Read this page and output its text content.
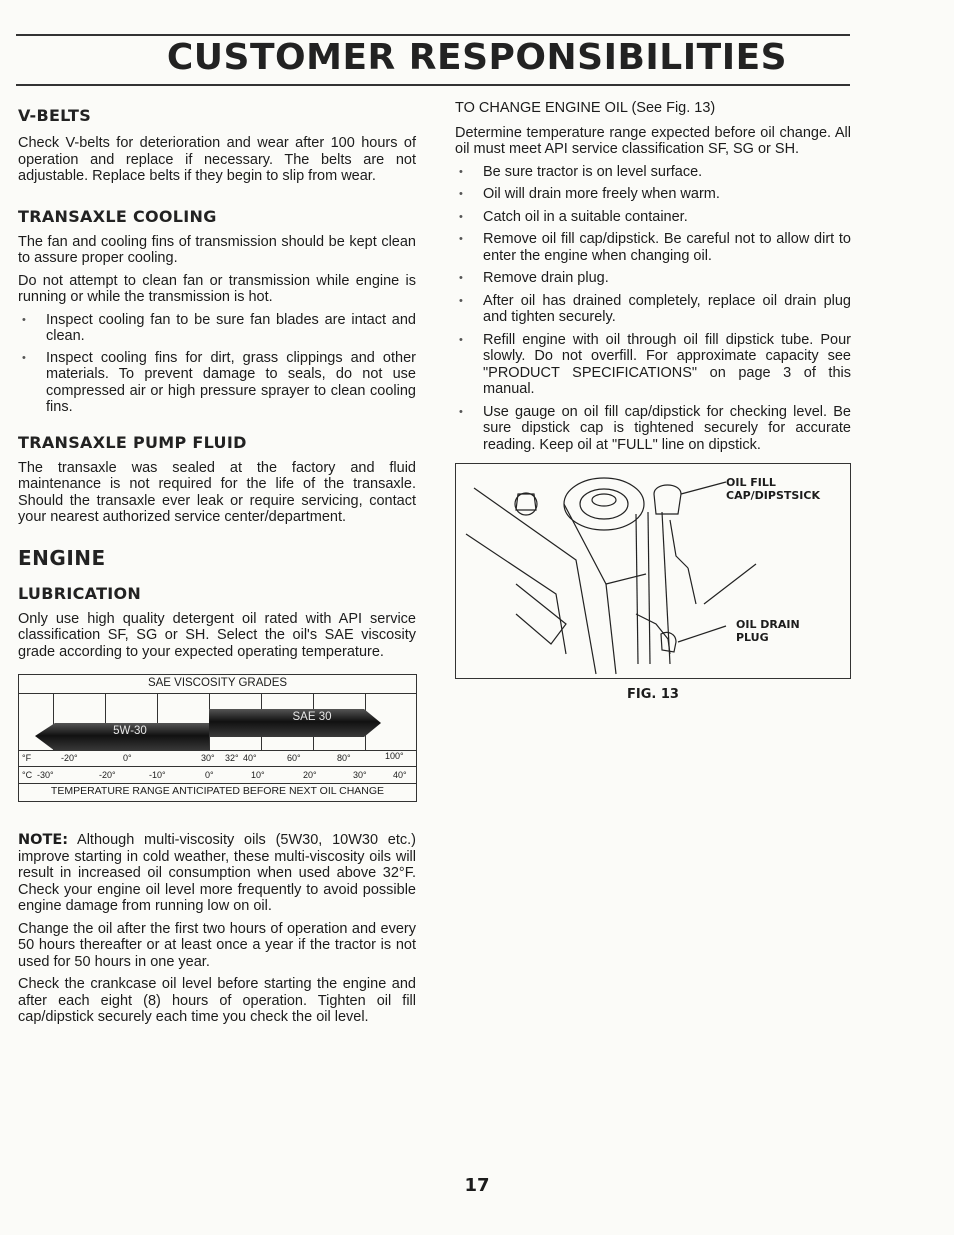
CUSTOMER RESPONSIBILITIES
V-BELTS

Check V-belts for deterioration and wear after 100 hours of operation and replace if necessary. The belts are not adjustable. Replace belts if they begin to slip from wear.

TRANSAXLE COOLING

The fan and cooling fins of transmission should be kept clean to assure proper cooling.

Do not attempt to clean fan or transmission while engine is running or while the transmission is hot.

• Inspect cooling fan to be sure fan blades are intact and clean.
• Inspect cooling fins for dirt, grass clippings and other materials. To prevent damage to seals, do not use compressed air or high pressure sprayer to clean cooling fins.
TRANSAXLE PUMP FLUID

The transaxle was sealed at the factory and fluid maintenance is not required for the life of the transaxle. Should the transaxle ever leak or require servicing, contact your nearest authorized service center/department.

ENGINE
LUBRICATION

Only use high quality detergent oil rated with API service classification SF, SG or SH. Select the oil's SAE viscosity grade according to your expected operating temperature.

SAE VISCOSITY GRADES
SAE 30
5W-30
°F	-20°	0°	30° 32° 40°	60°	80°	100°
°C -30°	-20°	-10°	0°	10°	20°	30°	40°
TEMPERATURE RANGE ANTICIPATED BEFORE NEXT OIL CHANGE

NOTE: Although multi-viscosity oils (5W30, 10W30 etc.) improve starting in cold weather, these multi-viscosity oils will result in increased oil consumption when used above 32°F. Check your engine oil level more frequently to avoid possible engine damage from running low on oil.

Change the oil after the first two hours of operation and every 50 hours thereafter or at least once a year if the tractor is not used for 50 hours in one year.

Check the crankcase oil level before starting the engine and after each eight (8) hours of operation. Tighten oil fill cap/dipstick securely each time you check the oil level.

TO CHANGE ENGINE OIL (See Fig. 13)

Determine temperature range expected before oil change. All oil must meet API service classification SF, SG or SH.

• Be sure tractor is on level surface.
• Oil will drain more freely when warm.
• Catch oil in a suitable container.
• Remove oil fill cap/dipstick. Be careful not to allow dirt to enter the engine when changing oil.
• Remove drain plug.
• After oil has drained completely, replace oil drain plug and tighten securely.
• Refill engine with oil through oil fill dipstick tube. Pour slowly. Do not overfill. For approximate capacity see "PRODUCT SPECIFICATIONS" on page 3 of this manual.
• Use gauge on oil fill cap/dipstick for checking level. Be sure dipstick cap is tightened securely for accurate reading. Keep oil at "FULL" line on dipstick.
OIL FILL
CAP/DIPSTSICK
OIL DRAIN
PLUG
FIG. 13
17
